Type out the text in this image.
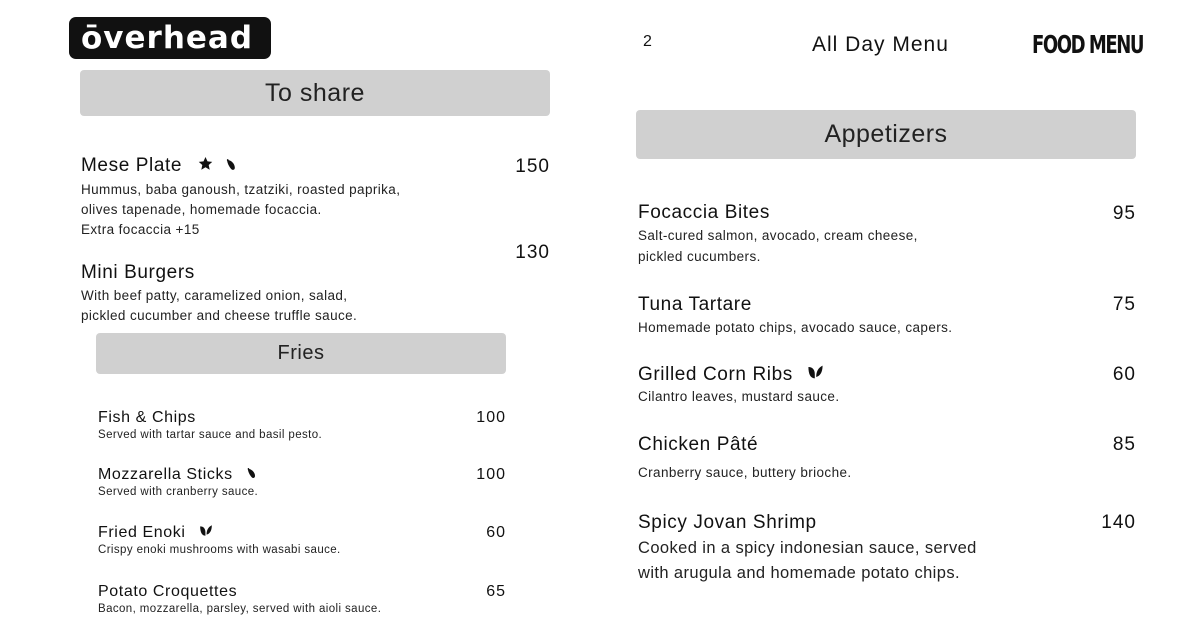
ōverhead	2	All Day Menu	FOOD MENU
To share
Mese Plate
Hummus, baba ganoush, tzatziki, roasted paprika,
olives tapenade, homemade focaccia.
Extra focaccia +15
150
Mini Burgers
With beef patty, caramelized onion, salad,
pickled cucumber and cheese truffle sauce.
130
Fries
Fish & Chips
Served with tartar sauce and basil pesto.
100
Mozzarella Sticks
Served with cranberry sauce.
100
Fried Enoki
Crispy enoki mushrooms with wasabi sauce.
60
Potato Croquettes
Bacon, mozzarella, parsley, served with aioli sauce.
65
Appetizers
Focaccia Bites
Salt-cured salmon, avocado, cream cheese,
pickled cucumbers.
95
Tuna Tartare
Homemade potato chips, avocado sauce, capers.
75
Grilled Corn Ribs
Cilantro leaves, mustard sauce.
60
Chicken Pâté
Cranberry sauce, buttery brioche.
85
Spicy Jovan Shrimp
Cooked in a spicy indonesian sauce, served
with arugula and homemade potato chips.
140
